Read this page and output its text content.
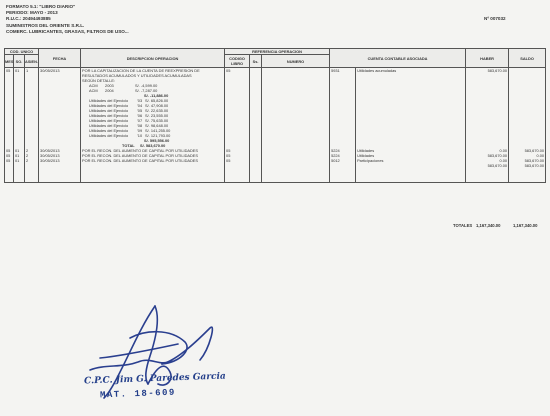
FORMATO 5.1: "LIBRO DIARIO"
PERIODO: MAYO - 2013
R.U.C.: 20494493885
SUMINISTROS DEL ORIENTE S.R.L.
COMERC. LUBRICANTES, GRASAS, FILTROS DE USO...
Nº 007032
COD. UNICO			FECHA	DESCRIPCION OPERACION	REFERENCIA OPERACION			CUENTA CONTABLE ASOCIADA		HABER	SALDO
MES	SO.	ASIEN.			CODIGO LIBRO	Ss.	NUMERO				
05	01	1	30/05/2013	POR LA CAPITALIZACION DE LA CUENTA DE REEXPRESION DE	05			5931	Utilidades acumuladas	583,670.00	
				RESULTADOS ACUMULADOS Y UTILIDADES ACUMULADAS							
				SEGÚN DETALLE:							
				ACM 2003 S/. -4,599.00							
				ACM 2004 S/. -7,287.00							
				S/. -11,886.00							
				Utilidades del Ejercicio '03 S/. 65,826.00							
				Utilidades del Ejercicio '04 S/. 47,908.00							
				Utilidades del Ejercicio '05 S/. 22,635.00							
				Utilidades del Ejercicio '06 S/. 23,555.00							
				Utilidades del Ejercicio '07 S/. 75,635.00							
				Utilidades del Ejercicio '08 S/. 98,648.00							
				Utilidades del Ejercicio '09 S/. 141,255.00							
				Utilidades del Ejercicio '10 S/. 121,793.00							
				S/. 595,556.00							
				TOTAL S/. 583,670.00							
05	01	2	30/05/2013	POR EL RECON. DEL AUMENTO DE CAPITAL POR UTILIDADES	05			5224	Utilidades	0.00	583,670.00
05	01	2	30/05/2013	POR EL RECON. DEL AUMENTO DE CAPITAL POR UTILIDADES	05			5224	Utilidades	583,670.00	0.00
05	01	2	30/05/2013	POR EL RECON. DEL AUMENTO DE CAPITAL POR UTILIDADES	05			5012	Participaciones	0.00	583,670.00
										583,670.00	583,670.00

TOTALES 1,167,340.00	1,167,340.00
C.P.C. Jim G. Paredes Garcia
MAT. 18-609
